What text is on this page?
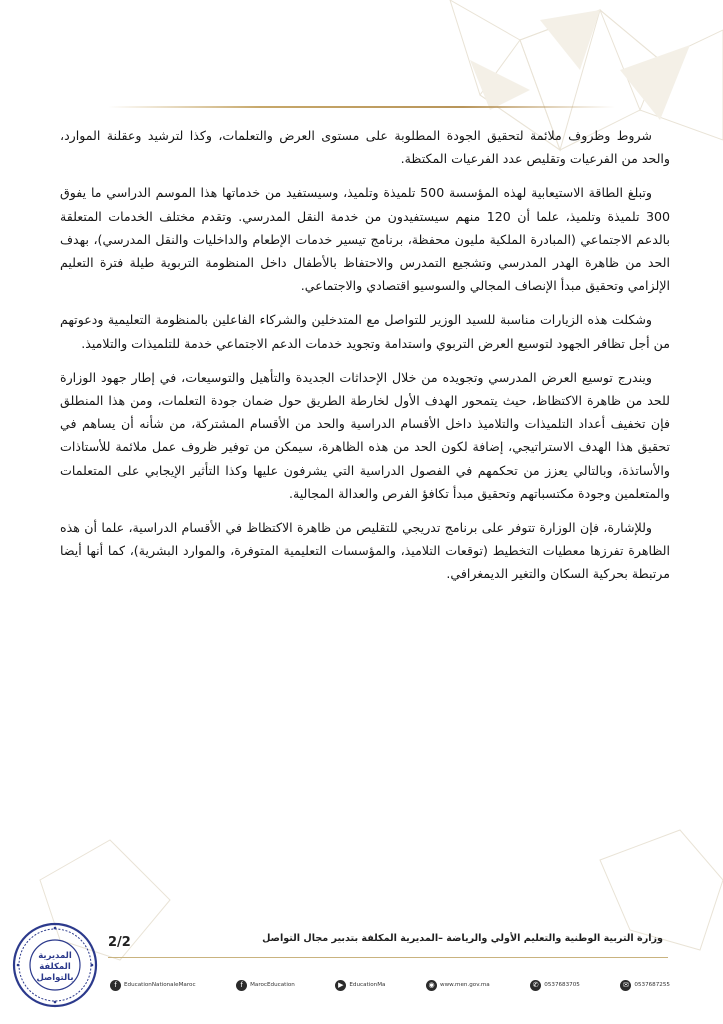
شروط وظروف ملائمة لتحقيق الجودة المطلوبة على مستوى العرض والتعلمات، وكذا لترشيد وعقلنة الموارد، والحد من الفرعيات وتقليص عدد الفرعيات المكتظة.

وتبلغ الطاقة الاستيعابية لهذه المؤسسة 500 تلميذة وتلميذ، وسيستفيد من خدماتها هذا الموسم الدراسي ما يفوق 300 تلميذة وتلميذ، علما أن 120 منهم سيستفيدون من خدمة النقل المدرسي. وتقدم مختلف الخدمات المتعلقة بالدعم الاجتماعي (المبادرة الملكية مليون محفظة، برنامج تيسير خدمات الإطعام والداخليات والنقل المدرسي)، بهدف الحد من ظاهرة الهدر المدرسي وتشجيع التمدرس والاحتفاظ بالأطفال داخل المنظومة التربوية طيلة فترة التعليم الإلزامي وتحقيق مبدأ الإنصاف المجالي والسوسيو اقتصادي والاجتماعي.

وشكلت هذه الزيارات مناسبة للسيد الوزير للتواصل مع المتدخلين والشركاء الفاعلين بالمنظومة التعليمية ودعوتهم من أجل تظافر الجهود لتوسيع العرض التربوي واستدامة وتجويد خدمات الدعم الاجتماعي خدمة للتلميذات والتلاميذ.

ويندرج توسيع العرض المدرسي وتجويده من خلال الإحداثات الجديدة والتأهيل والتوسيعات، في إطار جهود الوزارة للحد من ظاهرة الاكتظاظ، حيث يتمحور الهدف الأول لخارطة الطريق حول ضمان جودة التعلمات، ومن هذا المنطلق فإن تخفيف أعداد التلميذات والتلاميذ داخل الأقسام الدراسية والحد من الأقسام المشتركة، من شأنه أن يساهم في تحقيق هذا الهدف الاستراتيجي، إضافة لكون الحد من هذه الظاهرة، سيمكن من توفير ظروف عمل ملائمة للأستاذات والأساتذة، وبالتالي يعزز من تحكمهم في الفصول الدراسية التي يشرفون عليها وكذا التأثير الإيجابي على المتعلمات والمتعلمين وجودة مكتسباتهم وتحقيق مبدأ تكافؤ الفرص والعدالة المجالية.

وللإشارة، فإن الوزارة تتوفر على برنامج تدريجي للتقليص من ظاهرة الاكتظاظ في الأقسام الدراسية، علما أن هذه الظاهرة تفرزها معطيات التخطيط (توقعات التلاميذ، والمؤسسات التعليمية المتوفرة، والموارد البشرية)، كما أنها أيضا مرتبطة بحركية السكان والتغير الديمغرافي.

المديرية
المكلفة
بالتواصل
2/2	وزارة التربية الوطنية والتعليم الأولي والرياضة –المديرية المكلفة بتدبير مجال التواصل
f	EducationNationaleMaroc	f	MarocEducation	▶	EducationMa	◉ www.men.gov.ma	✆ 0537683705	✉ 0537687255
